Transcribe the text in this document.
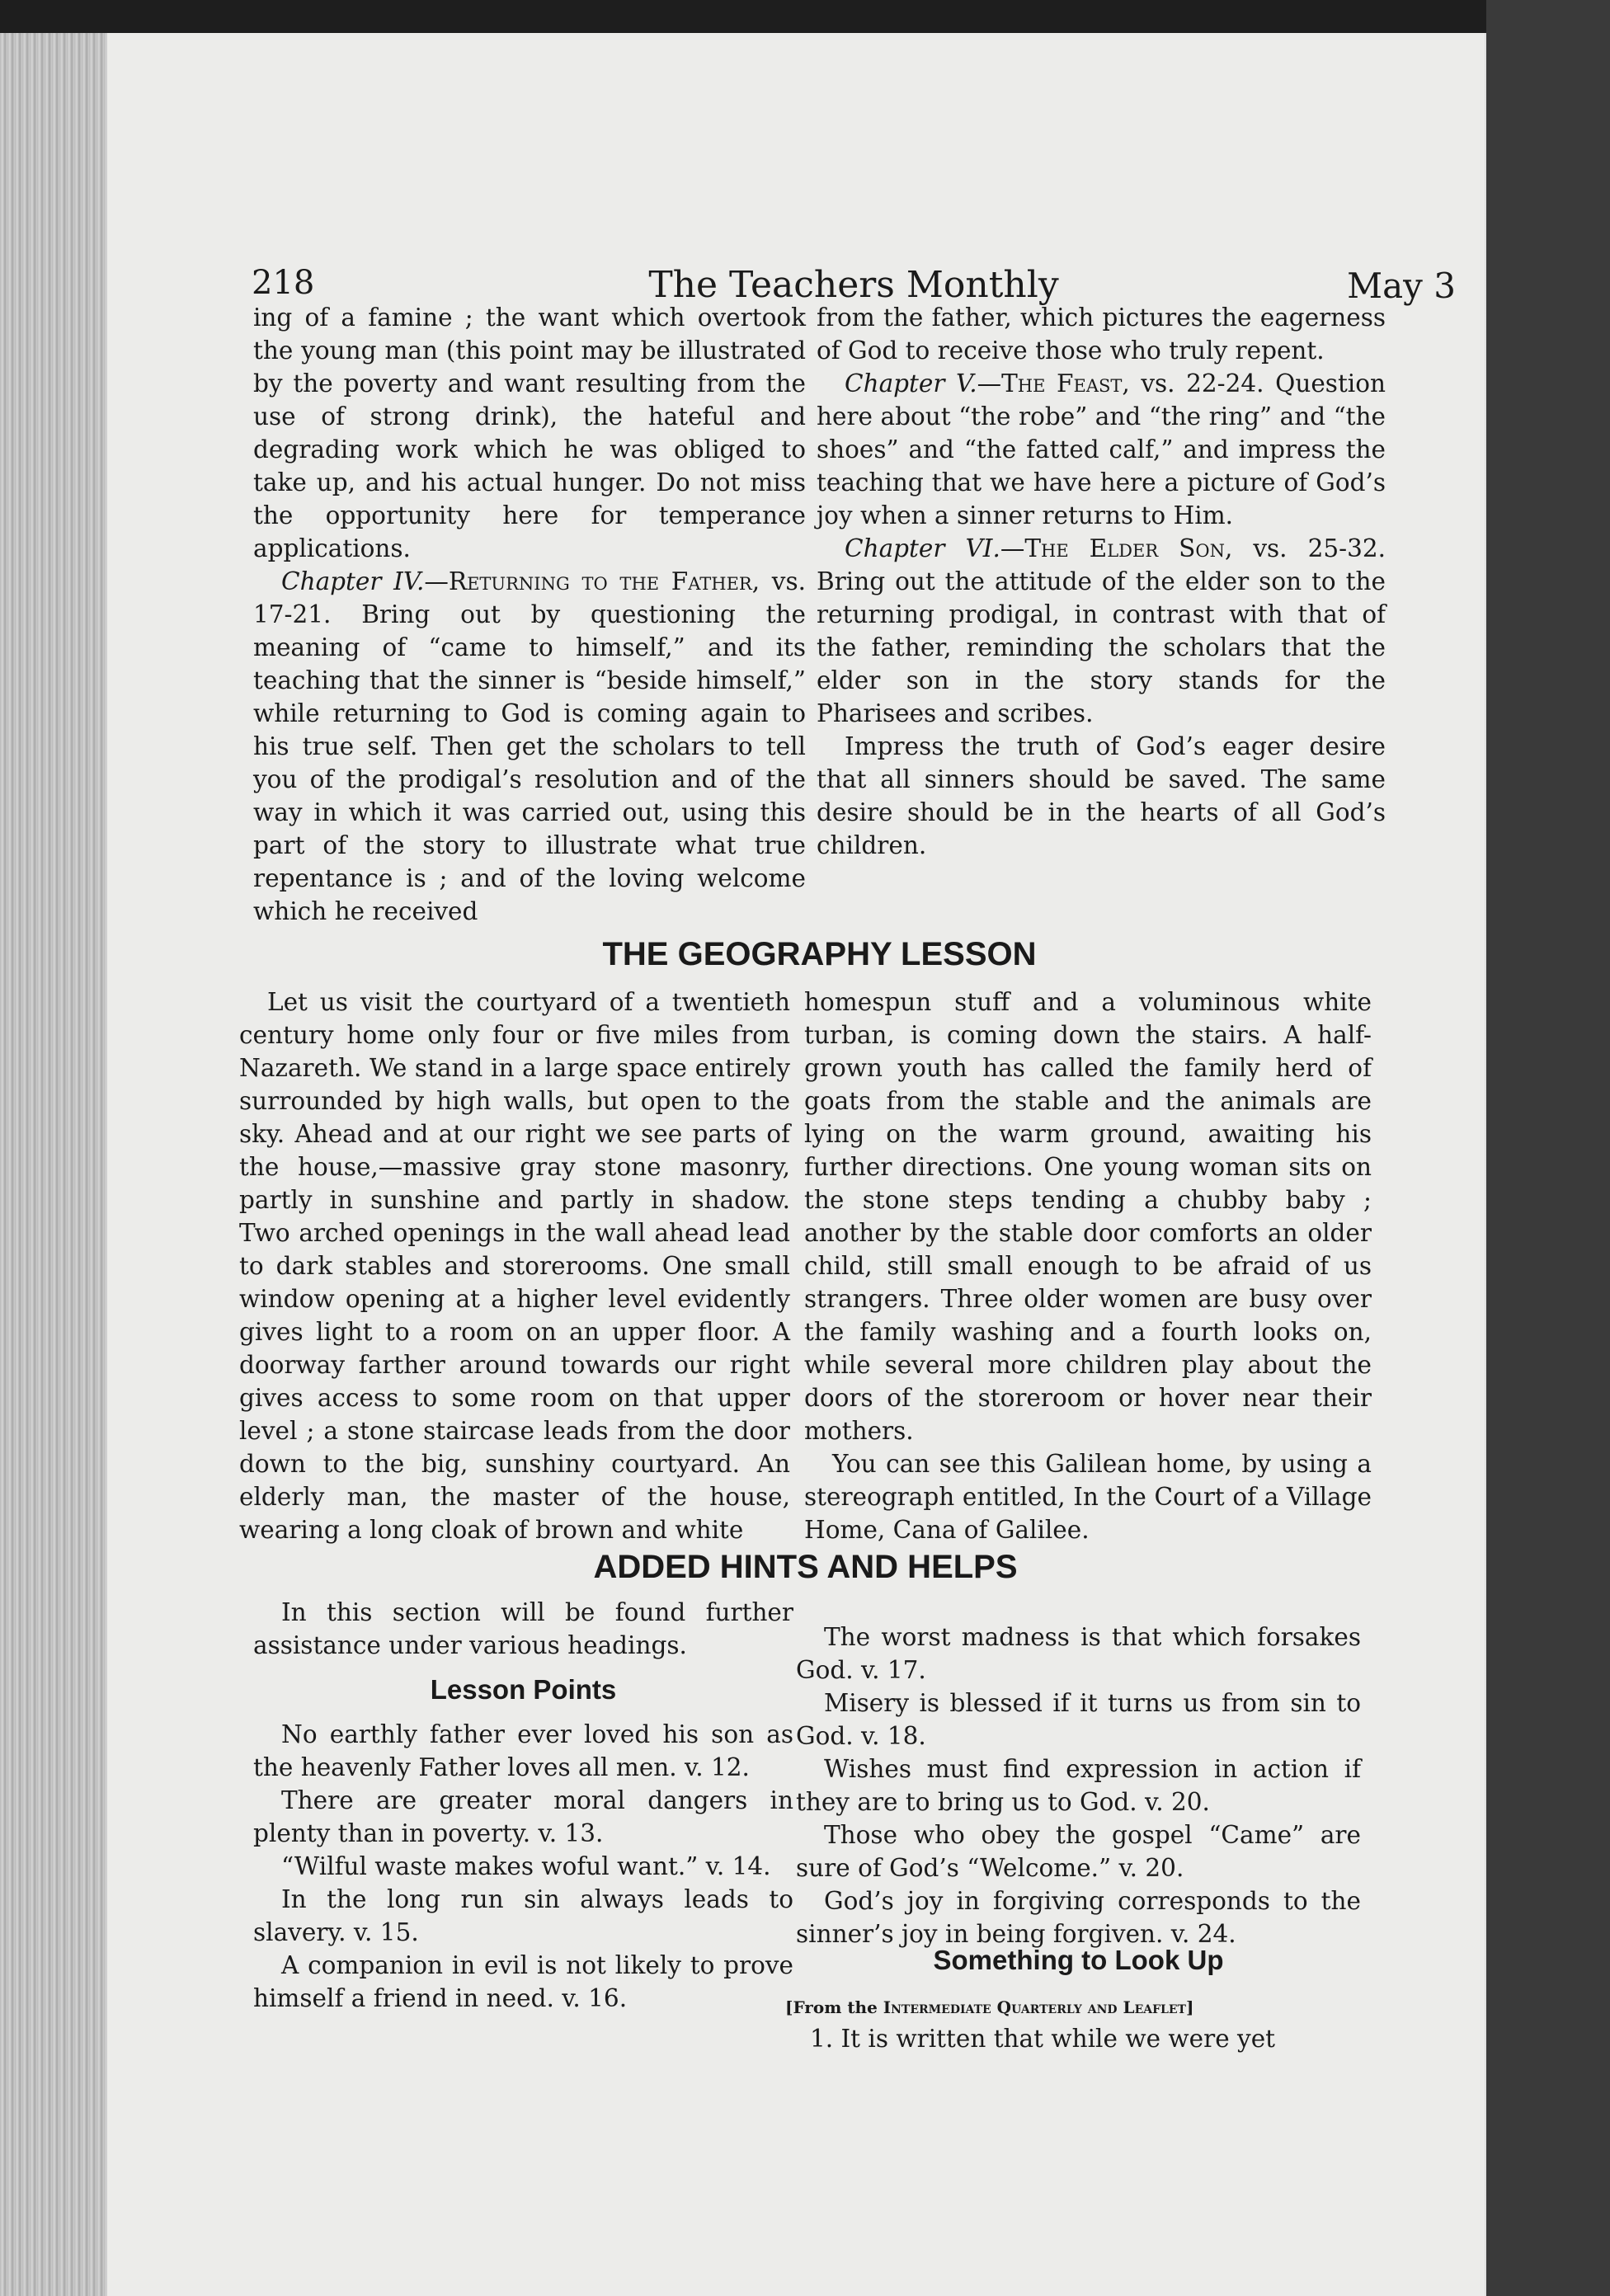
218	The Teachers Monthly	May 3

ing of a famine ; the want which overtook the young man (this point may be illustrated by the poverty and want resulting from the use of strong drink), the hateful and degrading work which he was obliged to take up, and his actual hunger. Do not miss the opportunity here for temperance applications.

Chapter IV.—Returning to the Father, vs. 17-21. Bring out by questioning the meaning of “came to himself,” and its teaching that the sinner is “beside himself,” while returning to God is coming again to his true self. Then get the scholars to tell you of the prodigal’s resolution and of the way in which it was carried out, using this part of the story to illustrate what true repentance is ; and of the loving welcome which he received

from the father, which pictures the eagerness of God to receive those who truly repent.

Chapter V.—The Feast, vs. 22-24. Question here about “the robe” and “the ring” and “the shoes” and “the fatted calf,” and impress the teaching that we have here a picture of God’s joy when a sinner returns to Him.

Chapter VI.—The Elder Son, vs. 25-32. Bring out the attitude of the elder son to the returning prodigal, in contrast with that of the father, reminding the scholars that the elder son in the story stands for the Pharisees and scribes.

Impress the truth of God’s eager desire that all sinners should be saved. The same desire should be in the hearts of all God’s children.

THE GEOGRAPHY LESSON

Let us visit the courtyard of a twentieth century home only four or five miles from Nazareth. We stand in a large space entirely surrounded by high walls, but open to the sky. Ahead and at our right we see parts of the house,—massive gray stone masonry, partly in sunshine and partly in shadow. Two arched openings in the wall ahead lead to dark stables and storerooms. One small window opening at a higher level evidently gives light to a room on an upper floor. A doorway farther around towards our right gives access to some room on that upper level ; a stone staircase leads from the door down to the big, sunshiny courtyard. An elderly man, the master of the house, wearing a long cloak of brown and white

homespun stuff and a voluminous white turban, is coming down the stairs. A half-grown youth has called the family herd of goats from the stable and the animals are lying on the warm ground, awaiting his further directions. One young woman sits on the stone steps tending a chubby baby ; another by the stable door comforts an older child, still small enough to be afraid of us strangers. Three older women are busy over the family washing and a fourth looks on, while several more children play about the doors of the storeroom or hover near their mothers.

You can see this Galilean home, by using a stereograph entitled, In the Court of a Village Home, Cana of Galilee.

ADDED HINTS AND HELPS

In this section will be found further assistance under various headings.

Lesson Points

No earthly father ever loved his son as the heavenly Father loves all men. v. 12.

There are greater moral dangers in plenty than in poverty. v. 13.

“Wilful waste makes woful want.” v. 14.

In the long run sin always leads to slavery. v. 15.

A companion in evil is not likely to prove himself a friend in need. v. 16.

The worst madness is that which forsakes God. v. 17.

Misery is blessed if it turns us from sin to God. v. 18.

Wishes must find expression in action if they are to bring us to God. v. 20.

Those who obey the gospel “Came” are sure of God’s “Welcome.” v. 20.

God’s joy in forgiving corresponds to the sinner’s joy in being forgiven. v. 24.

Something to Look Up
[From the Intermediate Quarterly and Leaflet]

1. It is written that while we were yet
